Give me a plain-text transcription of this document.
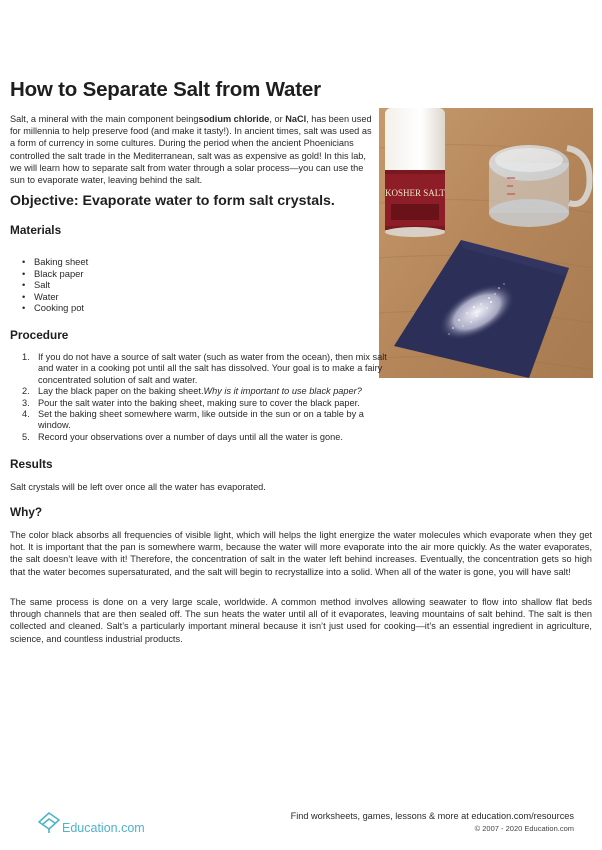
How to Separate Salt from Water
Salt, a mineral with the main component beingsodium chloride, or NaCl, has been used for millennia to help preserve food (and make it tasty!). In ancient times, salt was used as a form of currency in some cultures. During the period when the ancient Phoenicians controlled the salt trade in the Mediterranean, salt was as expensive as gold! In this lab, we will learn how to separate salt from water through a solar process—you can use the sun to evaporate water, leaving behind the salt.
KOSHER SALT
Objective: Evaporate water to form salt crystals.
Materials
• Baking sheet
• Black paper
• Salt
• Water
• Cooking pot
Procedure
1. If you do not have a source of salt water (such as water from the ocean), then mix salt and water in a cooking pot until all the salt has dissolved. Your goal is to make a fairy concentrated solution of salt and water.
2. Lay the black paper on the baking sheet.Why is it important to use black paper?
3. Pour the salt water into the baking sheet, making sure to cover the black paper.
4. Set the baking sheet somewhere warm, like outside in the sun or on a table by a window.
5. Record your observations over a number of days until all the water is gone.
Results
Salt crystals will be left over once all the water has evaporated.
Why?
The color black absorbs all frequencies of visible light, which will helps the light energize the water molecules which evaporate when they get hot. It is important that the pan is somewhere warm, because the water will more evaporate into the air more quickly. As the water evaporates, the salt doesn’t leave with it! Therefore, the concentration of salt in the water left behind increases. Eventually, the concentration gets so high that the water becomes supersaturated, and the salt will begin to recrystallize into a solid. When all of the water is gone, you will have salt!
The same process is done on a very large scale, worldwide. A common method involves allowing seawater to flow into shallow flat beds through channels that are then sealed off. The sun heats the water until all of it evaporates, leaving mountains of salt behind. The salt is then collected and cleaned. Salt’s a particularly important mineral because it isn’t just used for cooking—it’s an essential ingredient in agriculture, science, and countless industrial products.
Education.com
Find worksheets, games, lessons & more at education.com/resources
© 2007 - 2020 Education.com
